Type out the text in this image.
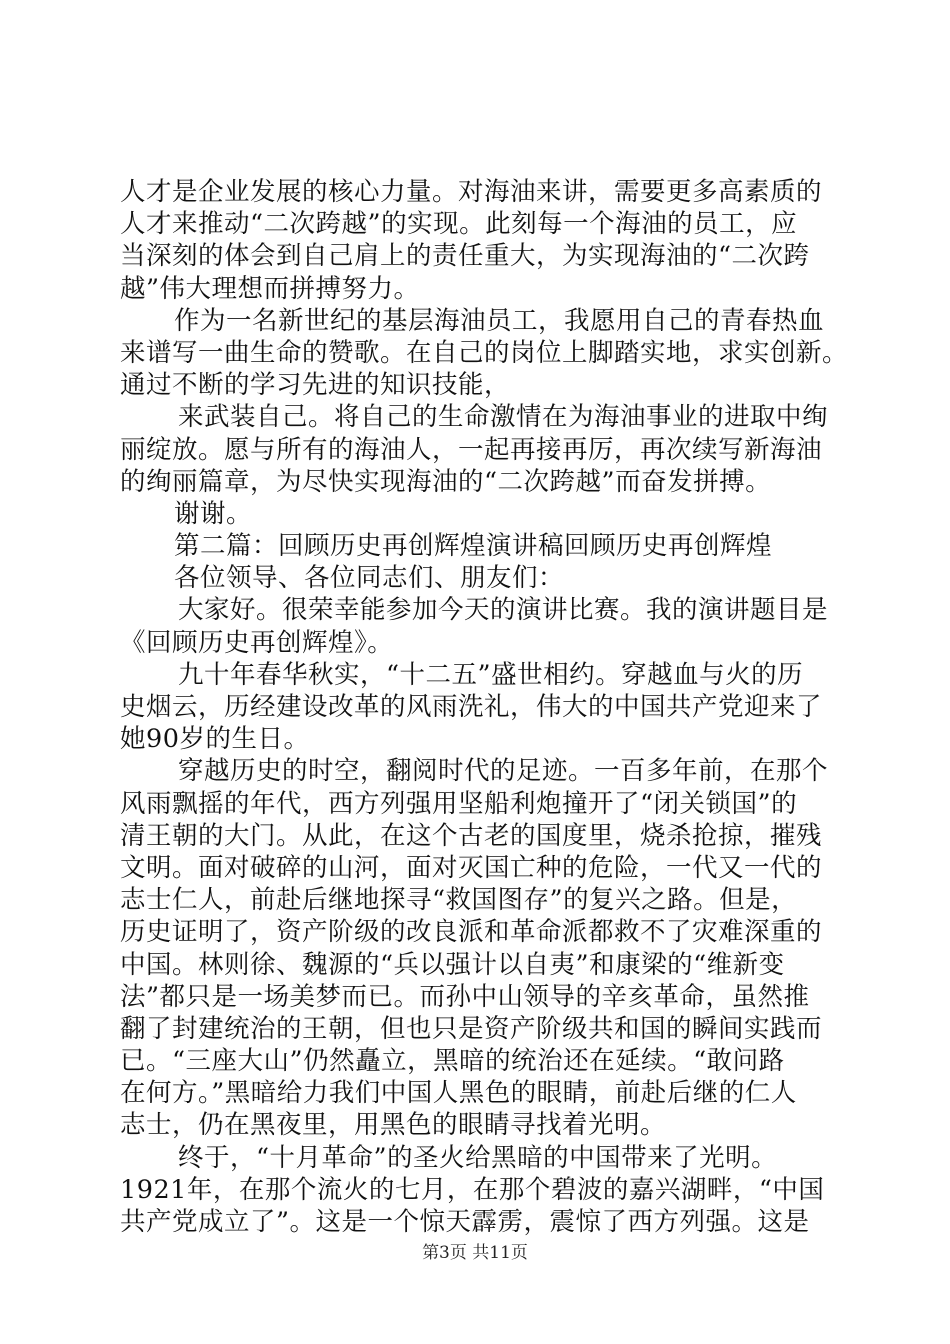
人才是企业发展的核心力量。对海油来讲，需要更多高素质的
人才来推动“二次跨越”的实现。此刻每一个海油的员工，应
当深刻的体会到自己肩上的责任重大，为实现海油的“二次跨
越”伟大理想而拼搏努力。
作为一名新世纪的基层海油员工，我愿用自己的青春热血
来谱写一曲生命的赞歌。在自己的岗位上脚踏实地，求实创新。
通过不断的学习先进的知识技能，
来武装自己。将自己的生命激情在为海油事业的进取中绚
丽绽放。愿与所有的海油人，一起再接再厉，再次续写新海油
的绚丽篇章，为尽快实现海油的“二次跨越”而奋发拼搏。
谢谢。
第二篇：回顾历史再创辉煌演讲稿回顾历史再创辉煌
各位领导、各位同志们、朋友们：
大家好。很荣幸能参加今天的演讲比赛。我的演讲题目是
《回顾历史再创辉煌》。
九十年春华秋实，“十二五”盛世相约。穿越血与火的历
史烟云，历经建设改革的风雨洗礼，伟大的中国共产党迎来了
她90岁的生日。
穿越历史的时空，翻阅时代的足迹。一百多年前，在那个
风雨飘摇的年代，西方列强用坚船利炮撞开了“闭关锁国”的
清王朝的大门。从此，在这个古老的国度里，烧杀抢掠，摧残
文明。面对破碎的山河，面对灭国亡种的危险，一代又一代的
志士仁人，前赴后继地探寻“救国图存”的复兴之路。但是，
历史证明了，资产阶级的改良派和革命派都救不了灾难深重的
中国。林则徐、魏源的“兵以强计以自夷”和康梁的“维新变
法”都只是一场美梦而已。而孙中山领导的辛亥革命，虽然推
翻了封建统治的王朝，但也只是资产阶级共和国的瞬间实践而
已。“三座大山”仍然矗立，黑暗的统治还在延续。“敢问路
在何方。”黑暗给力我们中国人黑色的眼睛，前赴后继的仁人
志士，仍在黑夜里，用黑色的眼睛寻找着光明。
终于，“十月革命”的圣火给黑暗的中国带来了光明。
1921年，在那个流火的七月，在那个碧波的嘉兴湖畔，“中国
共产党成立了”。这是一个惊天霹雳，震惊了西方列强。这是
第3页 共11页
